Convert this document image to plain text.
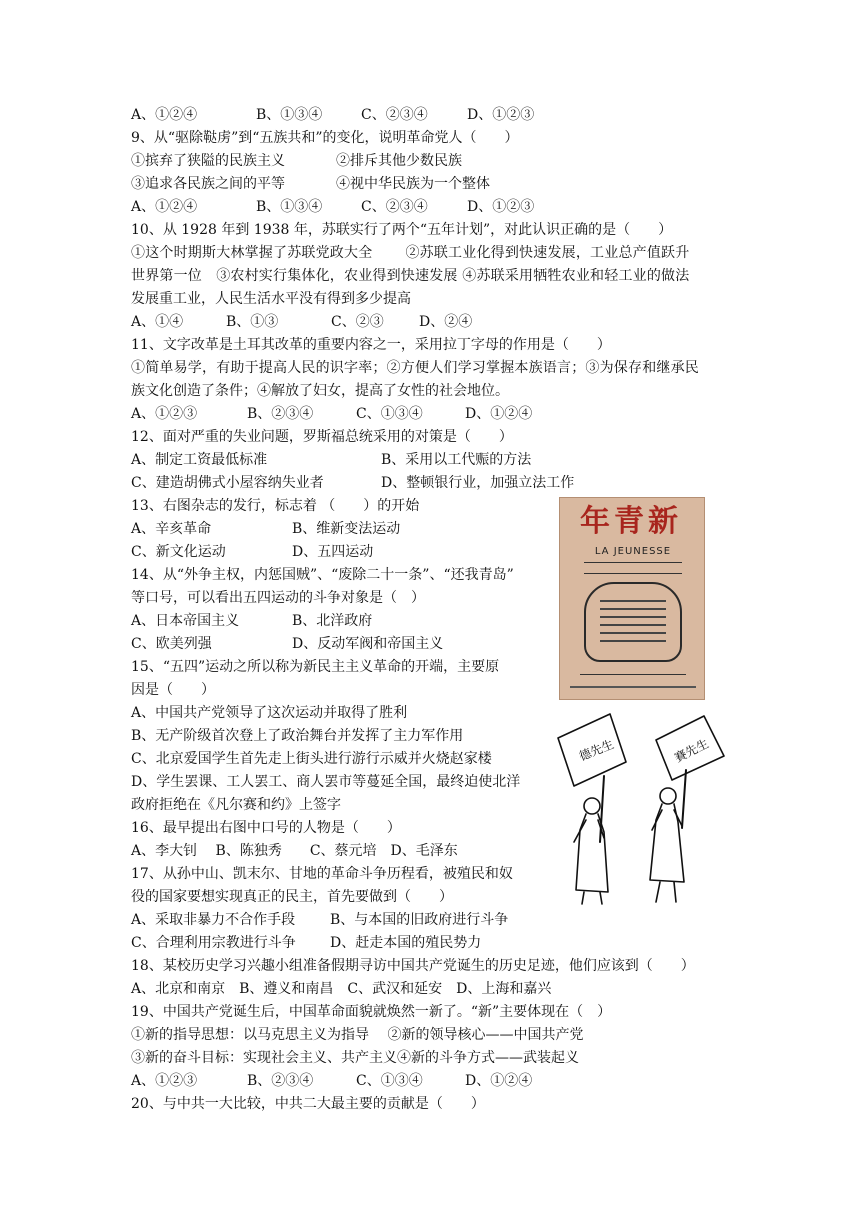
A、①②④	B、①③④	C、②③④	D、①②③
9、从“驱除鞑虏”到“五族共和”的变化，说明革命党人（　　）
①摈弃了狭隘的民族主义	②排斥其他少数民族
③追求各民族之间的平等	④视中华民族为一个整体
A、①②④	B、①③④	C、②③④	D、①②③
10、从 1928 年到 1938 年，苏联实行了两个“五年计划”，对此认识正确的是（　　）
①这个时期斯大林掌握了苏联党政大全　　 ②苏联工业化得到快速发展，工业总产值跃升
世界第一位　③农村实行集体化，农业得到快速发展 ④苏联采用牺牲农业和轻工业的做法
发展重工业，人民生活水平没有得到多少提高
A、①④	B、①③	C、②③	D、②④
11、文字改革是土耳其改革的重要内容之一，采用拉丁字母的作用是（　　）
①简单易学，有助于提高人民的识字率；②方便人们学习掌握本族语言；③为保存和继承民
族文化创造了条件；④解放了妇女，提高了女性的社会地位。
A、①②③	B、②③④	C、①③④	D、①②④
12、面对严重的失业问题，罗斯福总统采用的对策是（　　）
A、制定工资最低标准	B、采用以工代赈的方法
C、建造胡佛式小屋容纳失业者	D、整顿银行业，加强立法工作
13、右图杂志的发行，标志着 （　　）的开始
A、辛亥革命	B、维新变法运动
C、新文化运动	D、五四运动
14、从“外争主权，内惩国贼”、“废除二十一条”、“还我青岛”
等口号，可以看出五四运动的斗争对象是（　）
A、日本帝国主义	B、北洋政府
C、欧美列强	D、反动军阀和帝国主义
15、“五四”运动之所以称为新民主主义革命的开端，主要原
因是（　　）
A、中国共产党领导了这次运动并取得了胜利
B、无产阶级首次登上了政治舞台并发挥了主力军作用
C、北京爱国学生首先走上街头进行游行示威并火烧赵家楼
D、学生罢课、工人罢工、商人罢市等蔓延全国，最终迫使北洋
政府拒绝在《凡尔赛和约》上签字
16、最早提出右图中口号的人物是（　　）
A、李大钊　 B、陈独秀　　C、蔡元培　D、毛泽东
17、从孙中山、凯末尔、甘地的革命斗争历程看，被殖民和奴
役的国家要想实现真正的民主，首先要做到（　　）
A、采取非暴力不合作手段 B、与本国的旧政府进行斗争
C、合理利用宗教进行斗争 D、赶走本国的殖民势力
18、某校历史学习兴趣小组准备假期寻访中国共产党诞生的历史足迹，他们应该到（　　）
A、北京和南京　B、遵义和南昌　C、武汉和延安　D、上海和嘉兴
19、中国共产党诞生后，中国革命面貌就焕然一新了。“新”主要体现在（　）
①新的指导思想：以马克思主义为指导　 ②新的领导核心——中国共产党
③新的奋斗目标：实现社会主义、共产主义④新的斗争方式——武装起义
A、①②③	B、②③④	C、①③④	D、①②④
20、与中共一大比较，中共二大最主要的贡献是（　　）
年青新
LA JEUNESSE
德先生	賽先生
